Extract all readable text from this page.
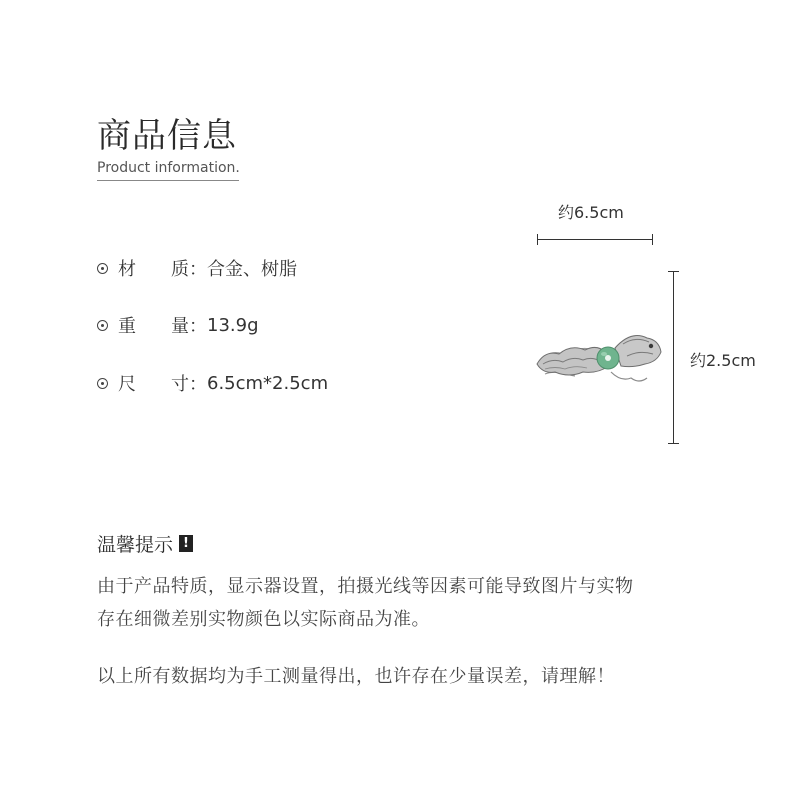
商品信息
Product information.
材	质： 合金、树脂
重	量： 13.9g
尺	寸： 6.5cm*2.5cm
约6.5cm
约2.5cm
温馨提示 !
由于产品特质，显示器设置，拍摄光线等因素可能导致图片与实物
存在细微差别实物颜色以实际商品为准。
以上所有数据均为手工测量得出，也许存在少量误差，请理解！
